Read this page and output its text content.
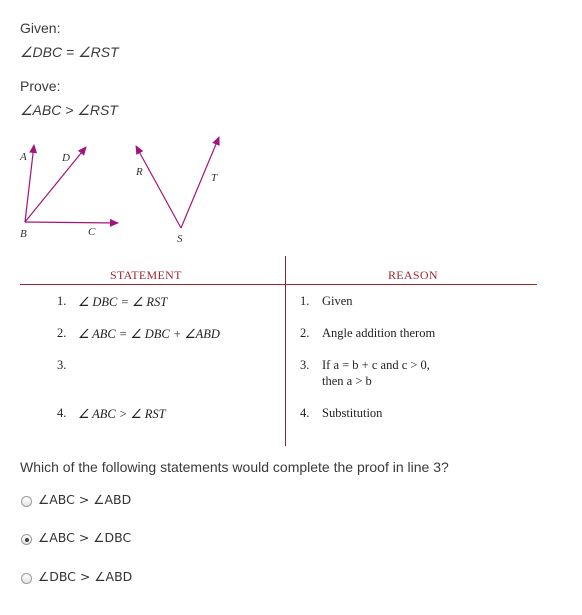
Given:
∠DBC = ∠RST
Prove:
∠ABC > ∠RST
A	D
B	C
R	T
S
STATEMENT	REASON
1. ∠ DBC = ∠ RST	1. Given
2. ∠ ABC = ∠ DBC + ∠ABD	2. Angle addition therom
3.	3. If a = b + c and c > 0,
then a > b
4. ∠ ABC > ∠ RST	4. Substitution
Which of the following statements would complete the proof in line 3?
∠ABC > ∠ABD
∠ABC > ∠DBC
∠DBC > ∠ABD
